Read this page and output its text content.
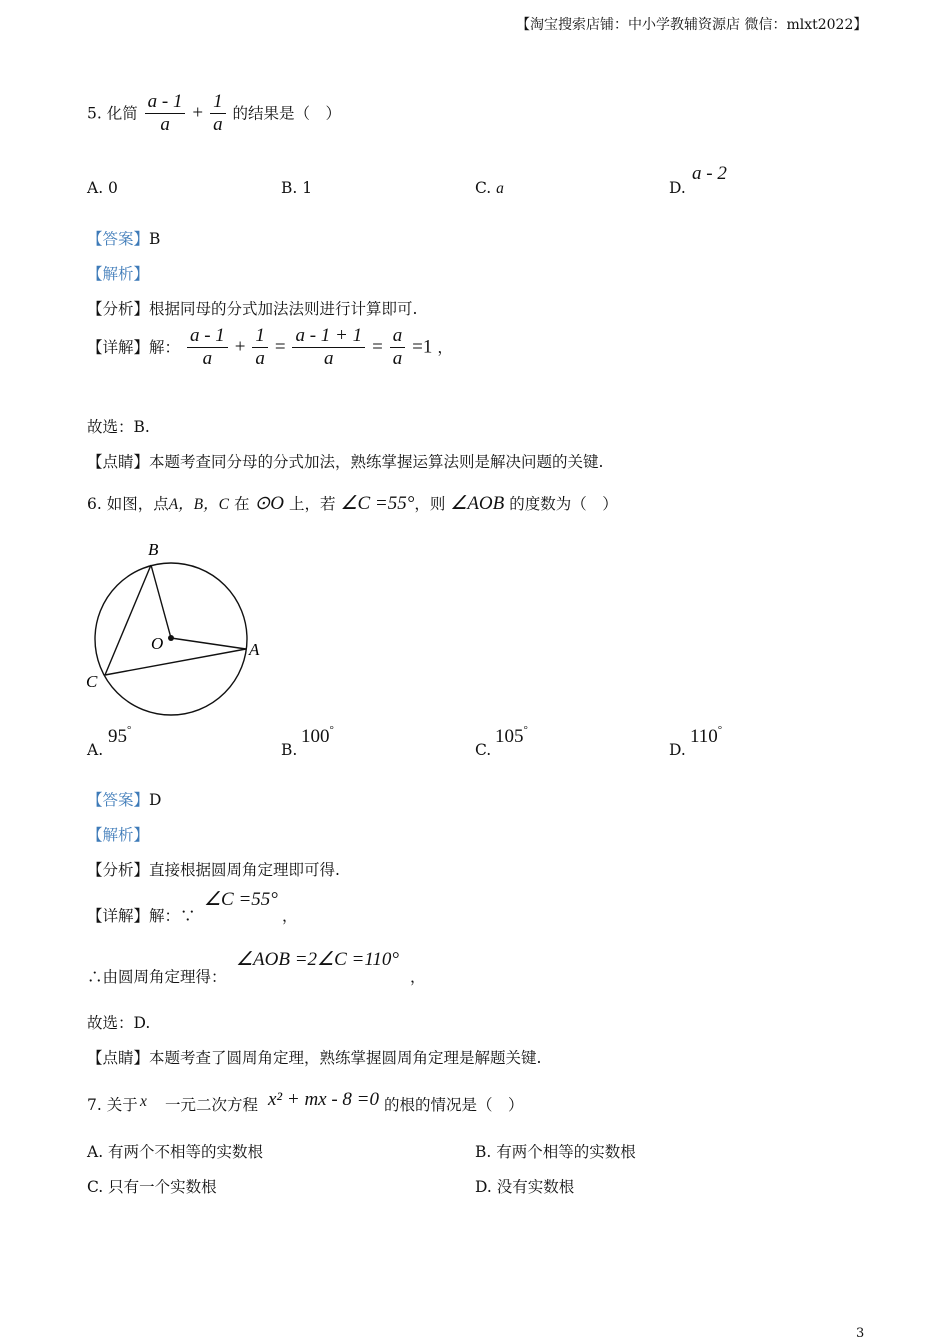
【淘宝搜索店铺：中小学教辅资源店 微信：mlxt2022】
5. 化简 $\frac{a - 1}{a} + \frac{1}{a}$ 的结果是（　）
A. 0	B. 1	C. a	D.
a - 2
【答案】B
【解析】
【分析】根据同母的分式加法法则进行计算即可.
【详解】解： $\frac{a - 1}{a} + \frac{1}{a} = \frac{a - 1 + 1}{a} = \frac{a}{a} =1$ ，
故选：B.
【点睛】本题考查同分母的分式加法，熟练掌握运算法则是解决问题的关键.
6. 如图，点A，B，C 在 ⊙O 上，若 ∠C =55°，则 ∠AOB 的度数为（　）
B
O	A
C
A.
95°
B.
100°
C.
105°
D.
110°
【答案】D
【解析】
【分析】直接根据圆周角定理即可得.
【详解】解：∵
∠C =55°
，
∴由圆周角定理得：
∠AOB =2∠C =110°
，
故选：D.
【点睛】本题考查了圆周角定理，熟练掌握圆周角定理是解题关键.
7. 关于 x 一元二次方程 x² + mx - 8 =0 的根的情况是（　）
A. 有两个不相等的实数根	B. 有两个相等的实数根
C. 只有一个实数根	D. 没有实数根
3
